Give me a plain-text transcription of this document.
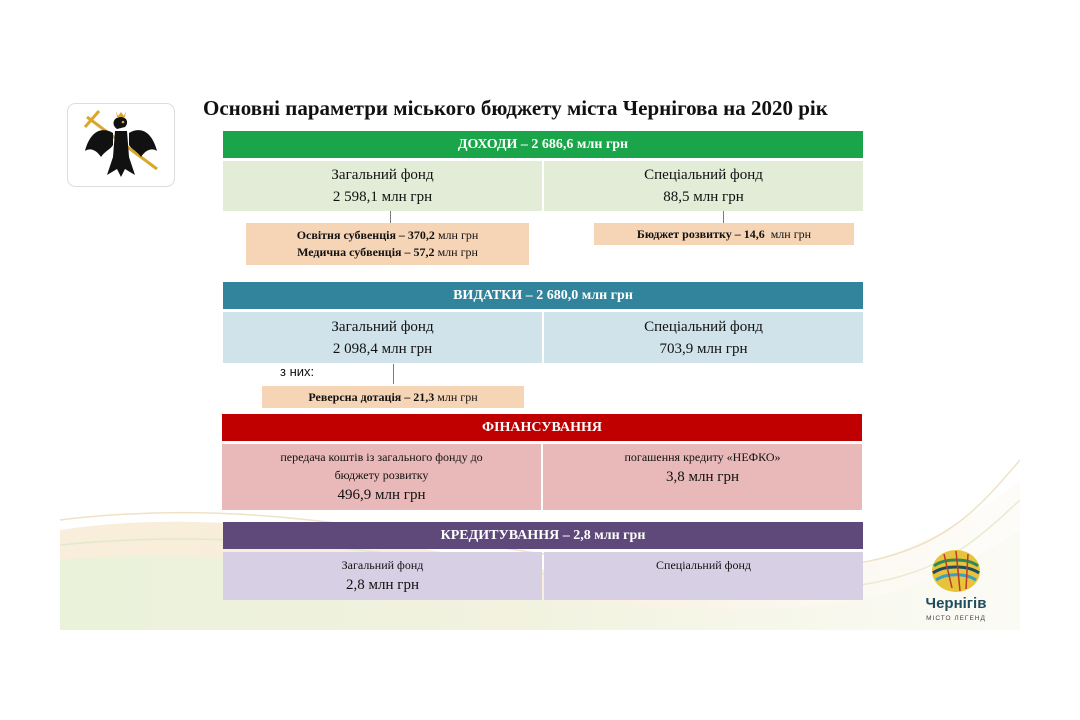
Основні параметри міського бюджету міста Чернігова на 2020 рік
ДОХОДИ – 2 686,6 млн грн
Загальний фонд
2 598,1 млн грн
Спеціальний фонд
88,5 млн грн
Освітня субвенція – 370,2 млн грн
Медична субвенція – 57,2 млн грн
Бюджет розвитку – 14,6 млн грн
ВИДАТКИ – 2 680,0 млн грн
Загальний фонд
2 098,4 млн грн
Спеціальний фонд
703,9 млн грн
з них:
Реверсна дотація – 21,3 млн грн
ФІНАНСУВАННЯ
передача коштів із загального фонду до
бюджету розвитку
496,9 млн грн
погашення кредиту «НЕФКО»
3,8 млн грн
КРЕДИТУВАННЯ – 2,8 млн грн
Загальний фонд
2,8 млн грн
Спеціальний фонд
Чернігів
МІСТО ЛЕГЕНД
